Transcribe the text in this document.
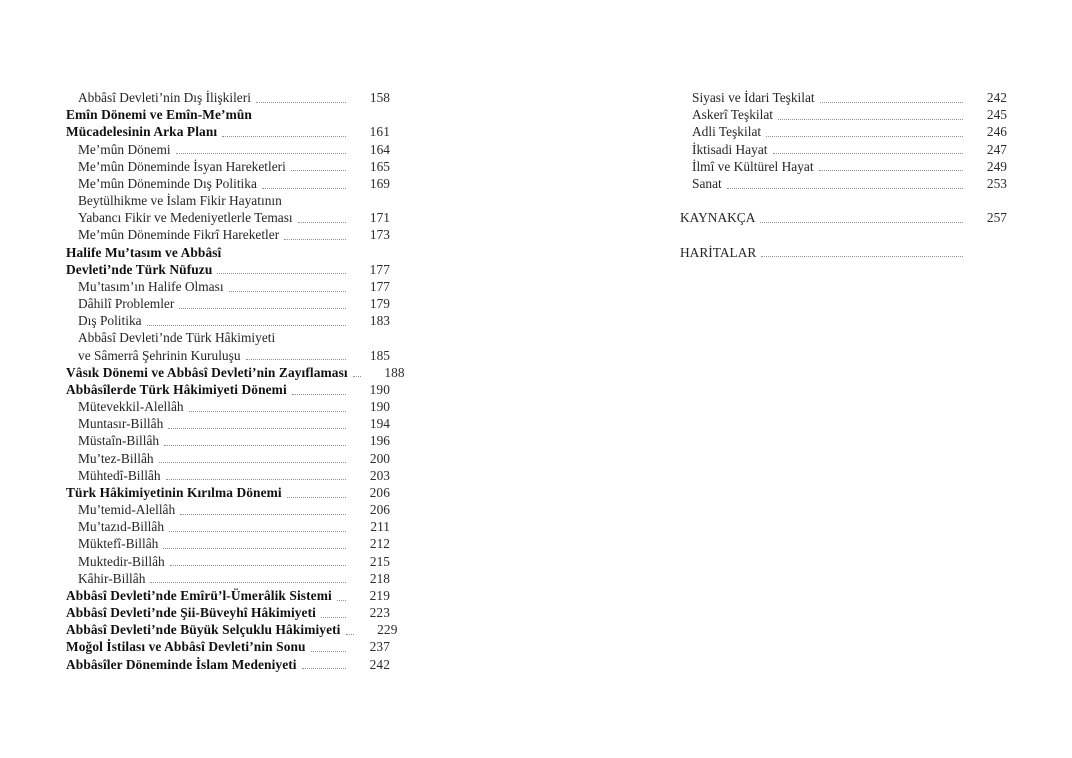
Abbâsî Devleti’nin Dış İlişkileri	158
Emîn Dönemi ve Emîn-Me’mûn
Mücadelesinin Arka Planı	161
Me’mûn Dönemi	164
Me’mûn Döneminde İsyan Hareketleri	165
Me’mûn Döneminde Dış Politika	169
Beytülhikme ve İslam Fikir Hayatının
Yabancı Fikir ve Medeniyetlerle Teması	171
Me’mûn Döneminde Fikrî Hareketler	173
Halife Mu’tasım ve Abbâsî
Devleti’nde Türk Nüfuzu	177
Mu’tasım’ın Halife Olması	177
Dâhilî Problemler	179
Dış Politika	183
Abbâsî Devleti’nde Türk Hâkimiyeti
ve Sâmerrâ Şehrinin Kuruluşu	185
Vâsık Dönemi ve Abbâsî Devleti’nin Zayıflaması	188
Abbâsîlerde Türk Hâkimiyeti Dönemi	190
Mütevekkil-Alellâh	190
Muntasır-Billâh	194
Müstaîn-Billâh	196
Mu’tez-Billâh	200
Mühtedî-Billâh	203
Türk Hâkimiyetinin Kırılma Dönemi	206
Mu’temid-Alellâh	206
Mu’tazıd-Billâh	211
Müktefî-Billâh	212
Muktedir-Billâh	215
Kâhir-Billâh	218
Abbâsî Devleti’nde Emîrü’l-Ümerâlik Sistemi	219
Abbâsî Devleti’nde Şii-Büveyhî Hâkimiyeti	223
Abbâsî Devleti’nde Büyük Selçuklu Hâkimiyeti	229
Moğol İstilası ve Abbâsî Devleti’nin Sonu	237
Abbâsîler Döneminde İslam Medeniyeti	242
Siyasi ve İdari Teşkilat	242
Askerî Teşkilat	245
Adli Teşkilat	246
İktisadi Hayat	247
İlmî ve Kültürel Hayat	249
Sanat	253
KAYNAKÇA	257
HARİTALAR
